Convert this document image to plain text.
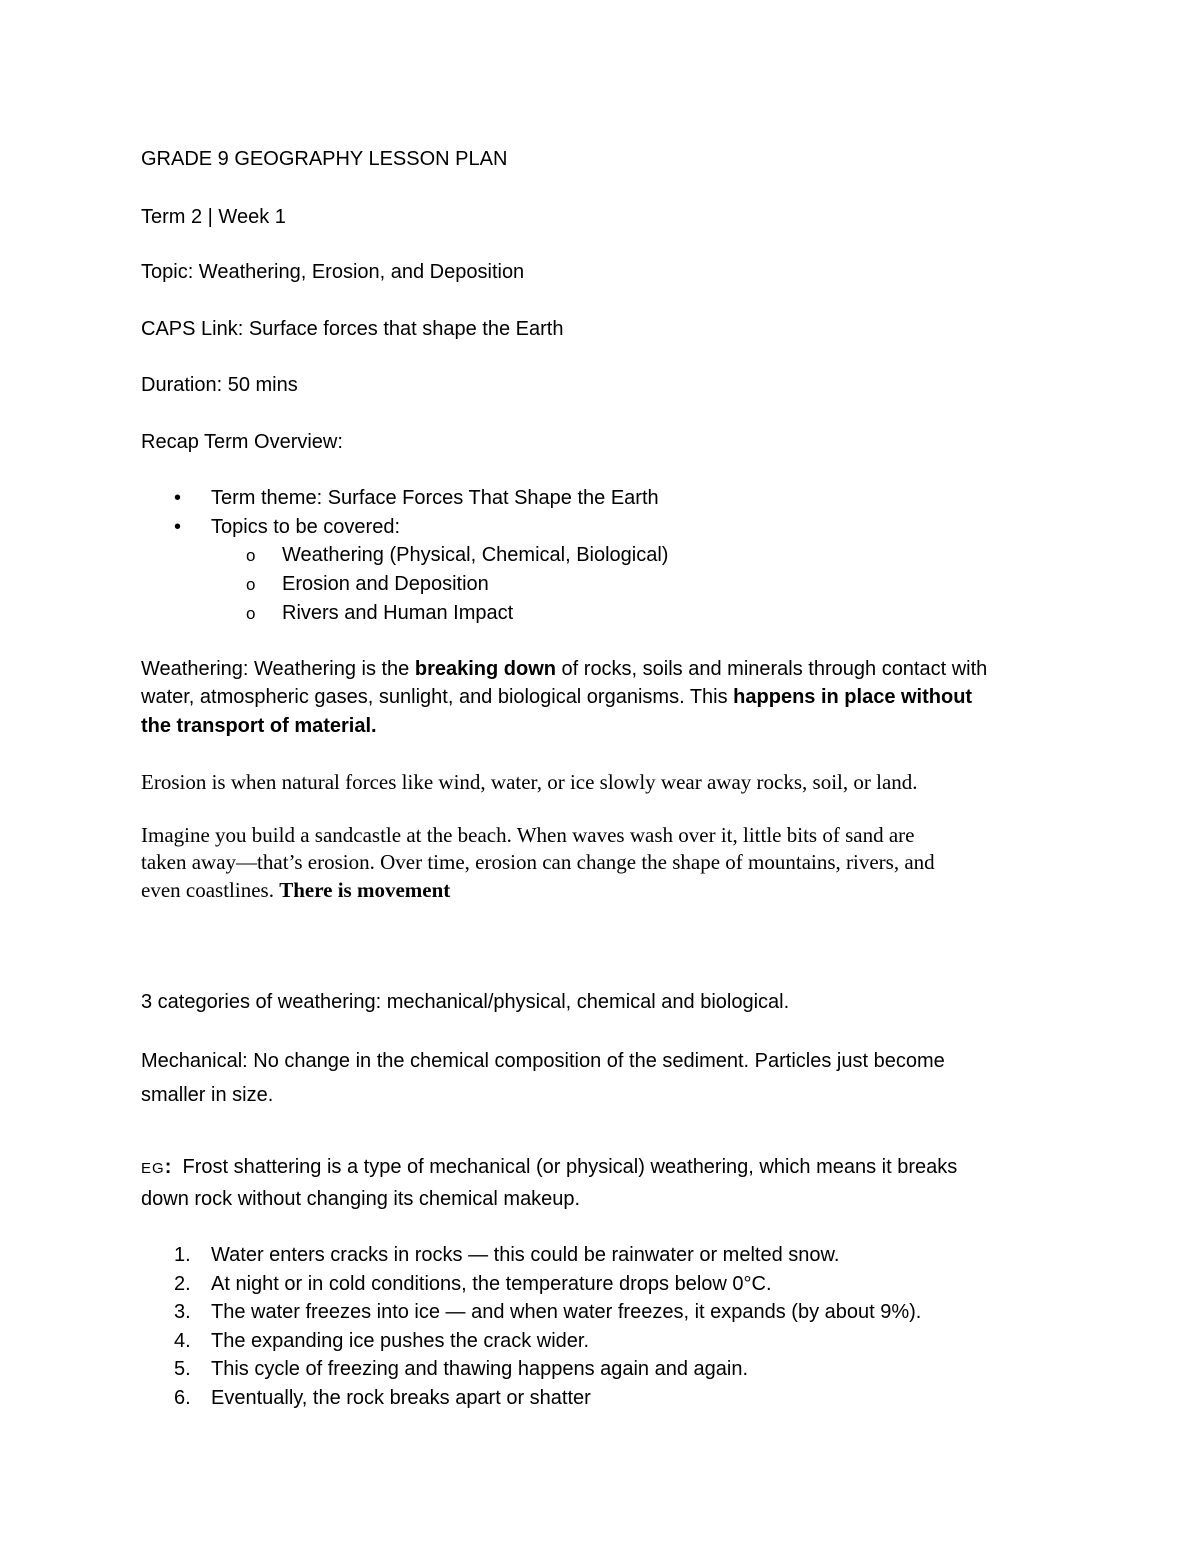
GRADE 9 GEOGRAPHY LESSON PLAN
Term 2 | Week 1
Topic: Weathering, Erosion, and Deposition
CAPS Link: Surface forces that shape the Earth
Duration: 50 mins
Recap Term Overview:
• Term theme: Surface Forces That Shape the Earth
• Topics to be covered:
o Weathering (Physical, Chemical, Biological)
o Erosion and Deposition
o Rivers and Human Impact
Weathering: Weathering is the breaking down of rocks, soils and minerals through contact with
water, atmospheric gases, sunlight, and biological organisms. This happens in place without
the transport of material.
Erosion is when natural forces like wind, water, or ice slowly wear away rocks, soil, or land.
Imagine you build a sandcastle at the beach. When waves wash over it, little bits of sand are
taken away—that’s erosion. Over time, erosion can change the shape of mountains, rivers, and
even coastlines. There is movement
3 categories of weathering: mechanical/physical, chemical and biological.
Mechanical: No change in the chemical composition of the sediment. Particles just become
smaller in size.
EG:  Frost shattering is a type of mechanical (or physical) weathering, which means it breaks
down rock without changing its chemical makeup.
1. Water enters cracks in rocks — this could be rainwater or melted snow.
2. At night or in cold conditions, the temperature drops below 0°C.
3. The water freezes into ice — and when water freezes, it expands (by about 9%).
4. The expanding ice pushes the crack wider.
5. This cycle of freezing and thawing happens again and again.
6. Eventually, the rock breaks apart or shatter
